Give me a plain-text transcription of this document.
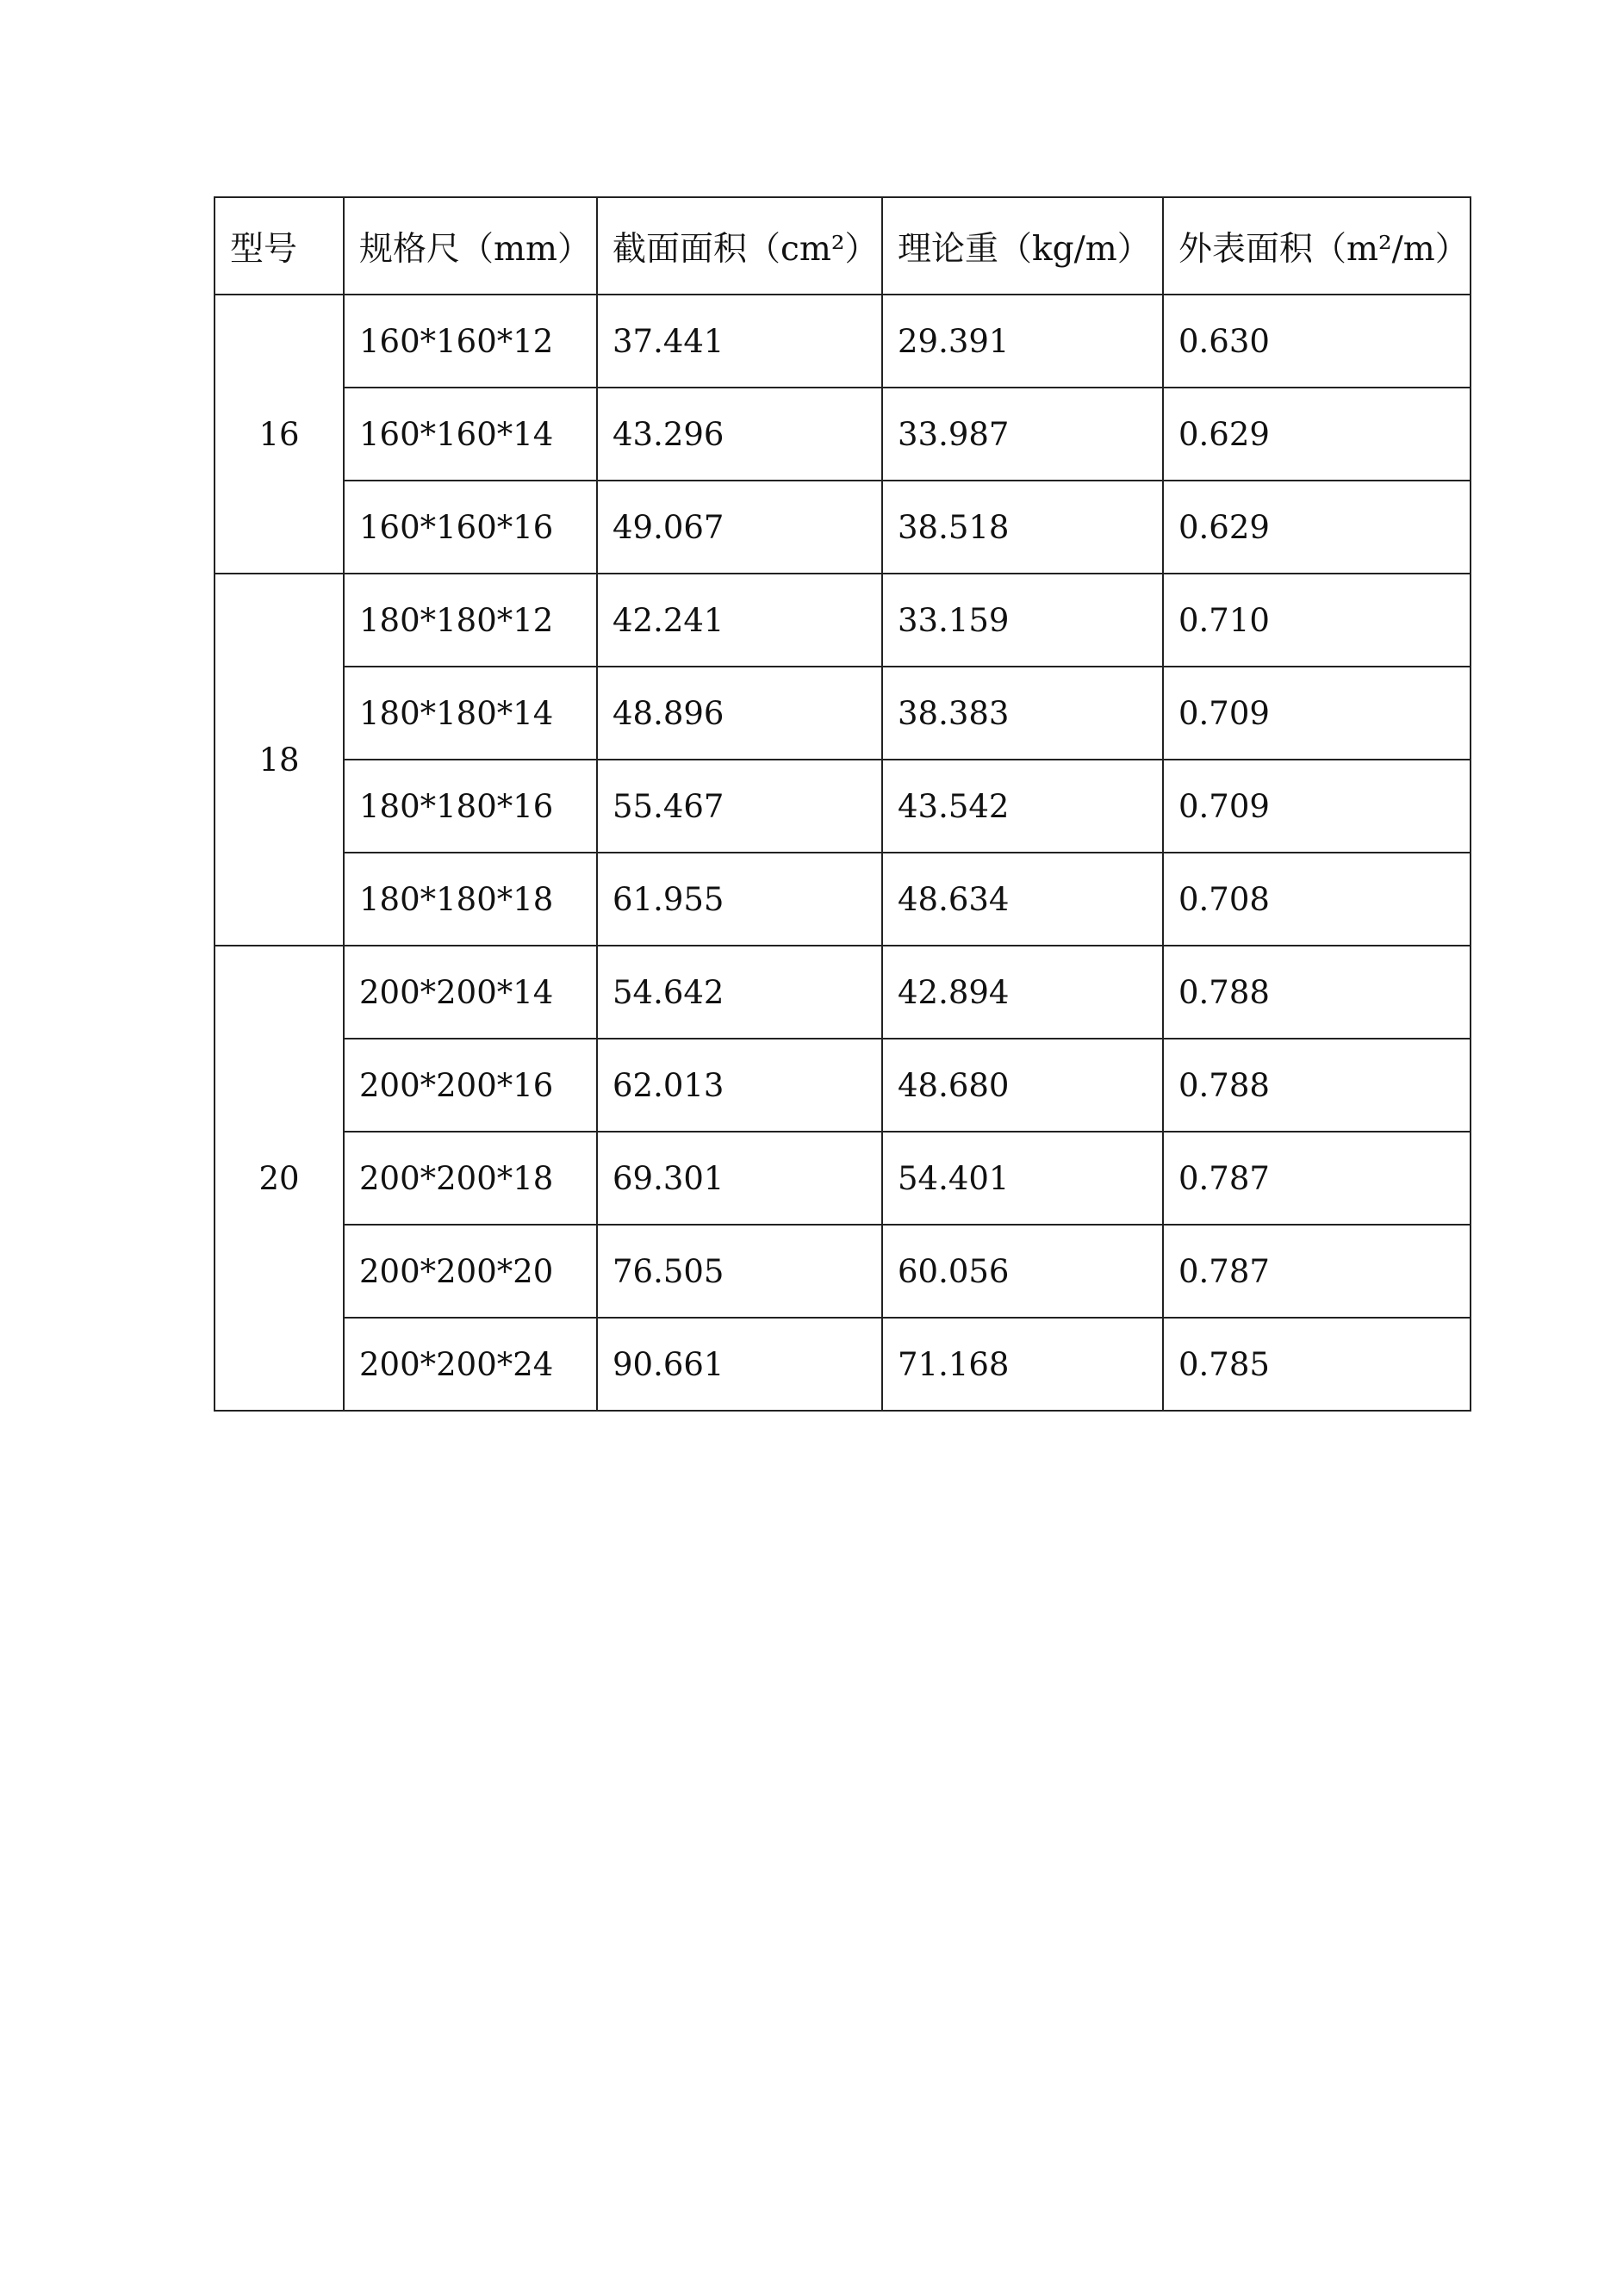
型号	规格尺（mm）	截面面积（cm²）	理论重（kg/m）	外表面积（m²/m）
16	160*160*12	37.441	29.391	0.630
	160*160*14	43.296	33.987	0.629
	160*160*16	49.067	38.518	0.629
18	180*180*12	42.241	33.159	0.710
	180*180*14	48.896	38.383	0.709
	180*180*16	55.467	43.542	0.709
	180*180*18	61.955	48.634	0.708
20	200*200*14	54.642	42.894	0.788
	200*200*16	62.013	48.680	0.788
	200*200*18	69.301	54.401	0.787
	200*200*20	76.505	60.056	0.787
	200*200*24	90.661	71.168	0.785
